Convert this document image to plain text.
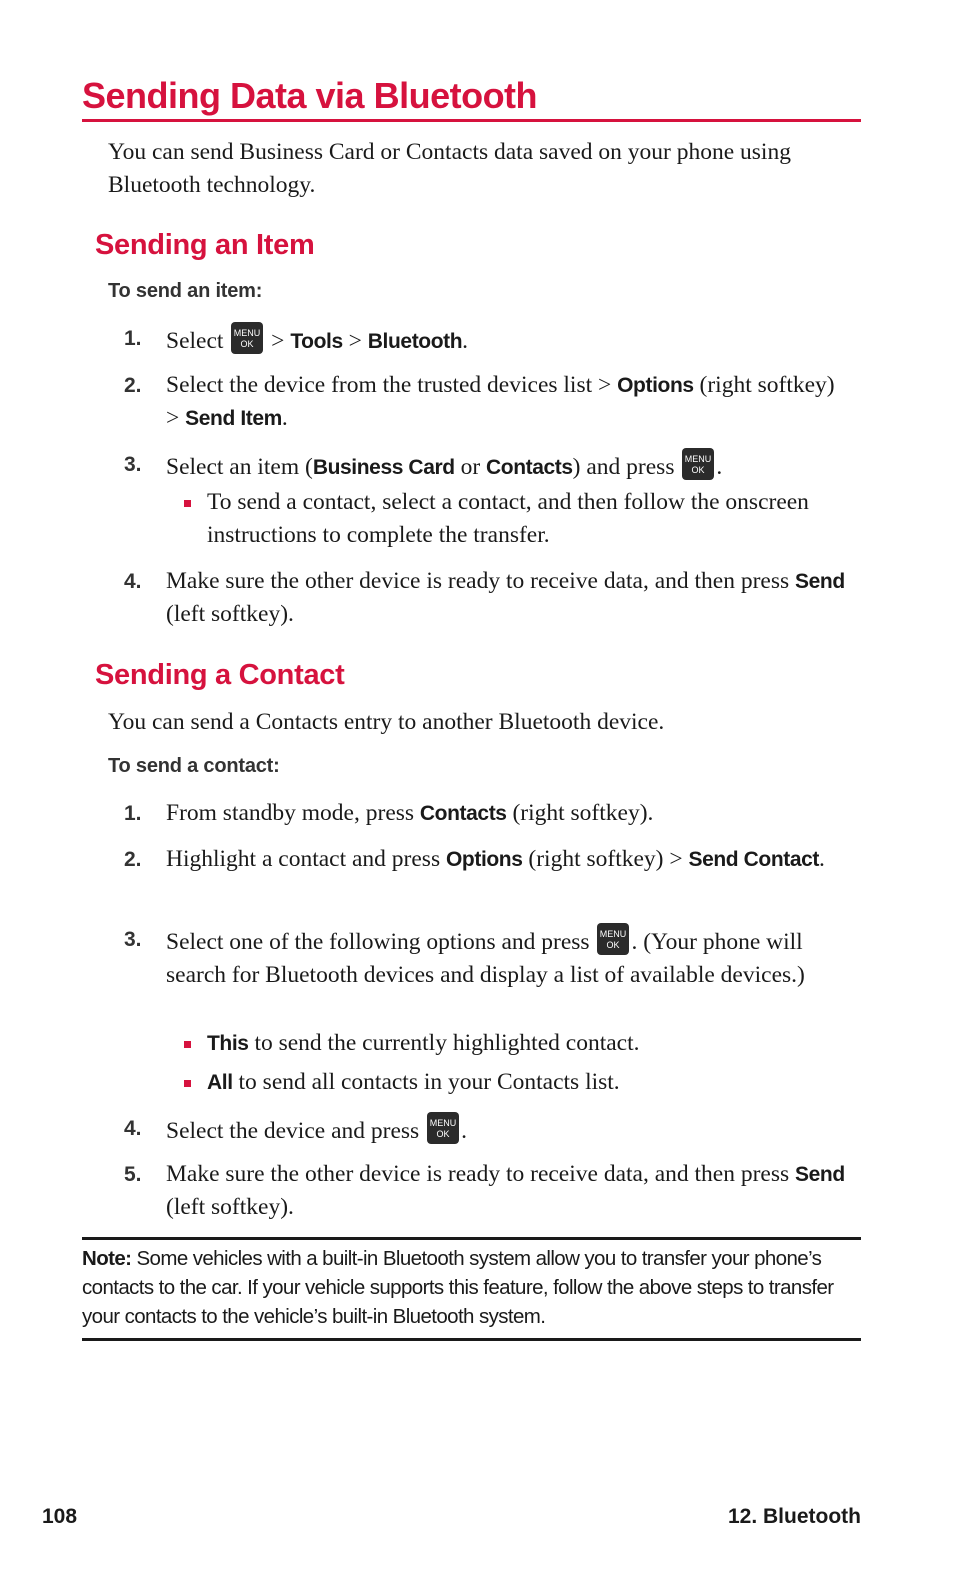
Sending Data via Bluetooth

You can send Business Card or Contacts data saved on your phone using Bluetooth technology.

Sending an Item

To send an item:

1.	Select MENU
OK > Tools > Bluetooth.

2.	Select the device from the trusted devices list > Options (right softkey) > Send Item.

3.	Select an item (Business Card or Contacts) and press MENU
OK .

To send a contact, select a contact, and then follow the onscreen instructions to complete the transfer.

4.	Make sure the other device is ready to receive data, and then press Send (left softkey).

Sending a Contact

You can send a Contacts entry to another Bluetooth device.

To send a contact:

1.	From standby mode, press Contacts (right softkey).

2.	Highlight a contact and press Options (right softkey) > Send Contact.

3.	Select one of the following options and press MENU
OK . (Your phone will search for Bluetooth devices and display a list of available devices.)

This to send the currently highlighted contact.

All to send all contacts in your Contacts list.

4.	Select the device and press MENU
OK .

5.	Make sure the other device is ready to receive data, and then press Send (left softkey).

Note: Some vehicles with a built-in Bluetooth system allow you to transfer your phone’s contacts to the car. If your vehicle supports this feature, follow the above steps to transfer your contacts to the vehicle’s built-in Bluetooth system.

108	12. Bluetooth
